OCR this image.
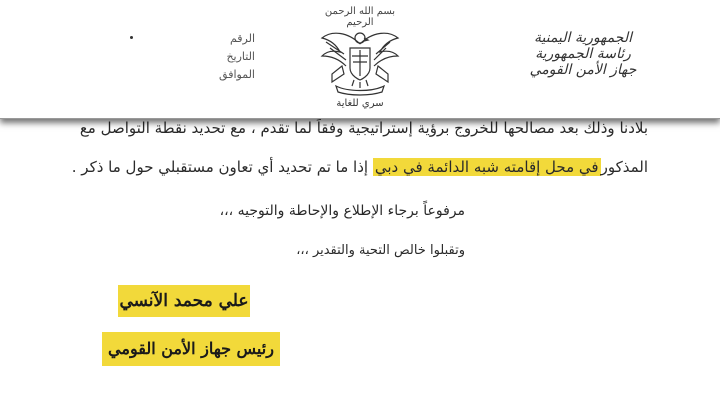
بلادنا وذلك بعد مصالحها للخروج برؤية إستراتيجية وفقاً لما تقدم ، مع تحديد نقطة التواصل مع
المذكورفي محل إقامته شبه الدائمة في دبي إذا ما تم تحديد أي تعاون مستقبلي حول ما ذكر .
مرفوعاً برجاء الإطلاع والإحاطة والتوجيه ،،،
وتقبلوا خالص التحية والتقدير ،،،
علي محمد الآنسي
رئيس جهاز الأمن القومي
بسم الله الرحمن الرحيم
سري للغاية
الجمهورية اليمنية
رئاسة الجمهورية
جهاز الأمن القومي
الرقم
التاريخ
الموافق
